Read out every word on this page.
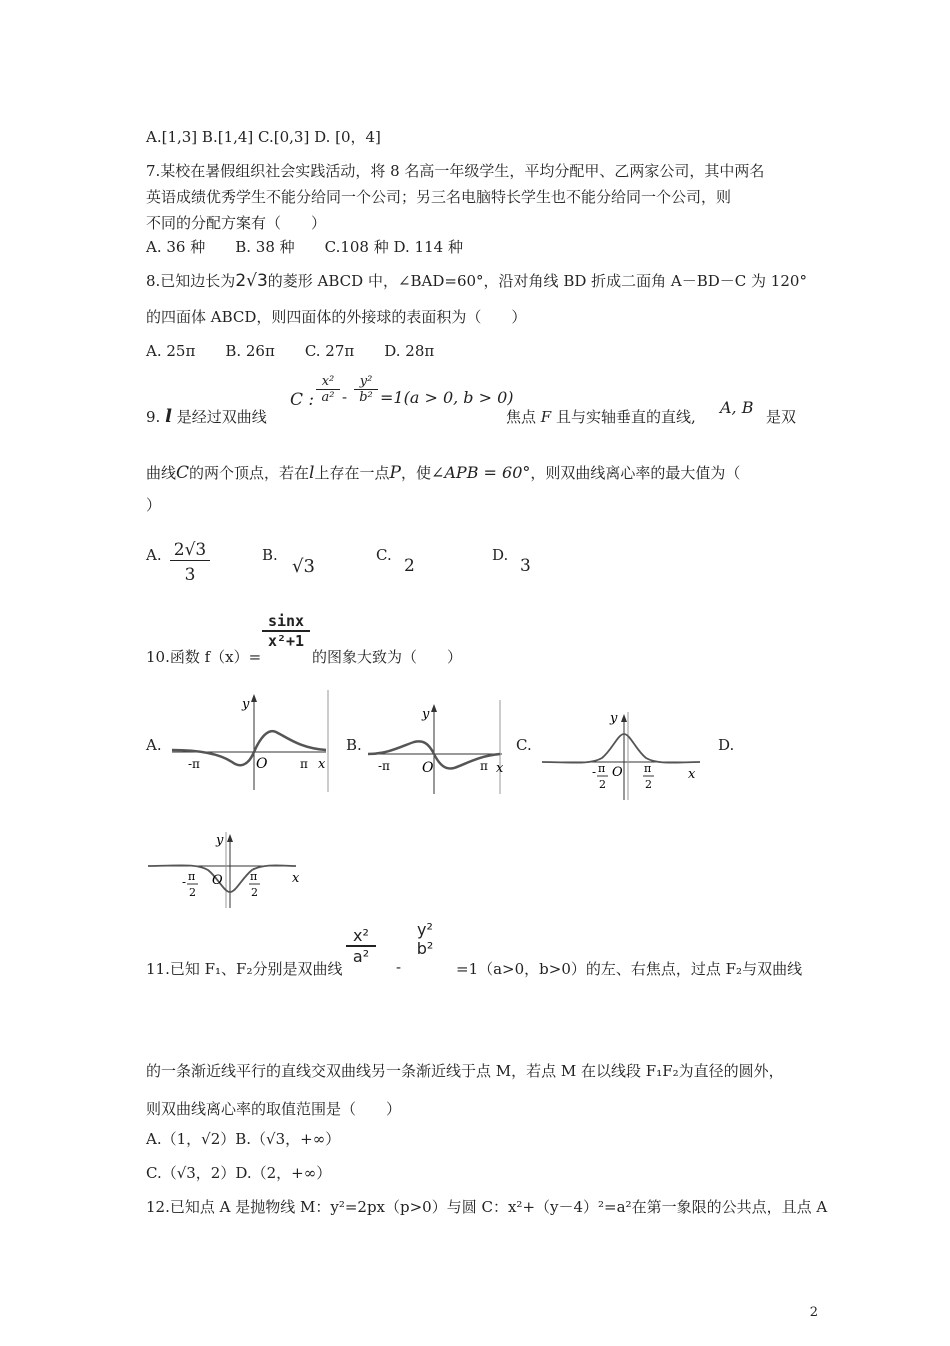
A.[1,3] B.[1,4] C.[0,3] D. [0，4]
7.某校在暑假组织社会实践活动，将 8 名高一年级学生，平均分配甲、乙两家公司，其中两名
英语成绩优秀学生不能分给同一个公司；另三名电脑特长学生也不能分给同一个公司，则
不同的分配方案有（　　）
A. 36 种　　B. 38 种　　C.108 种 D. 114 种
8.已知边长为2√3的菱形 ABCD 中，∠BAD=60°，沿对角线 BD 折成二面角 A－BD－C 为 120°
的四面体 ABCD，则四面体的外接球的表面积为（　　）
A. 25π　　B. 26π　　C. 27π　　D. 28π
9. l 是经过双曲线
C : $\frac{\text{x²}}{\text{a²}} - \frac{\text{y²}}{\text{b²}} =1(a > 0$, b > 0)
焦点 F 且与实轴垂直的直线, A, B 是双
曲线C的两个顶点，若在l上存在一点P，使∠APB = 60°，则双曲线离心率的最大值为（
）
A. $\frac{2√3}{3}$	B.
√3
C.
2
D.
3
$\frac{\sin x}{\text{x²+1}}$
10.函数 f（x）=	的图象大致为（　　）
A.	B.	C.	D.
y
-π	O	π x
y
-π O	π x
y
- π
2
O π
2
x
y
- π
2
O π
2
x
11.已知 F₁、F₂分别是双曲线
$\frac{\text{x²}}{\text{a²}}$
-
y²
b²
=1（a>0，b>0）的左、右焦点，过点 F₂与双曲线
的一条渐近线平行的直线交双曲线另一条渐近线于点 M，若点 M 在以线段 F₁F₂为直径的圆外，
则双曲线离心率的取值范围是（　　）
A.（1，√2）B.（√3，+∞）
C.（√3，2）D.（2，+∞）
12.已知点 A 是抛物线 M：y²=2px（p>0）与圆 C：x²+（y－4）²=a²在第一象限的公共点，且点 A
2
